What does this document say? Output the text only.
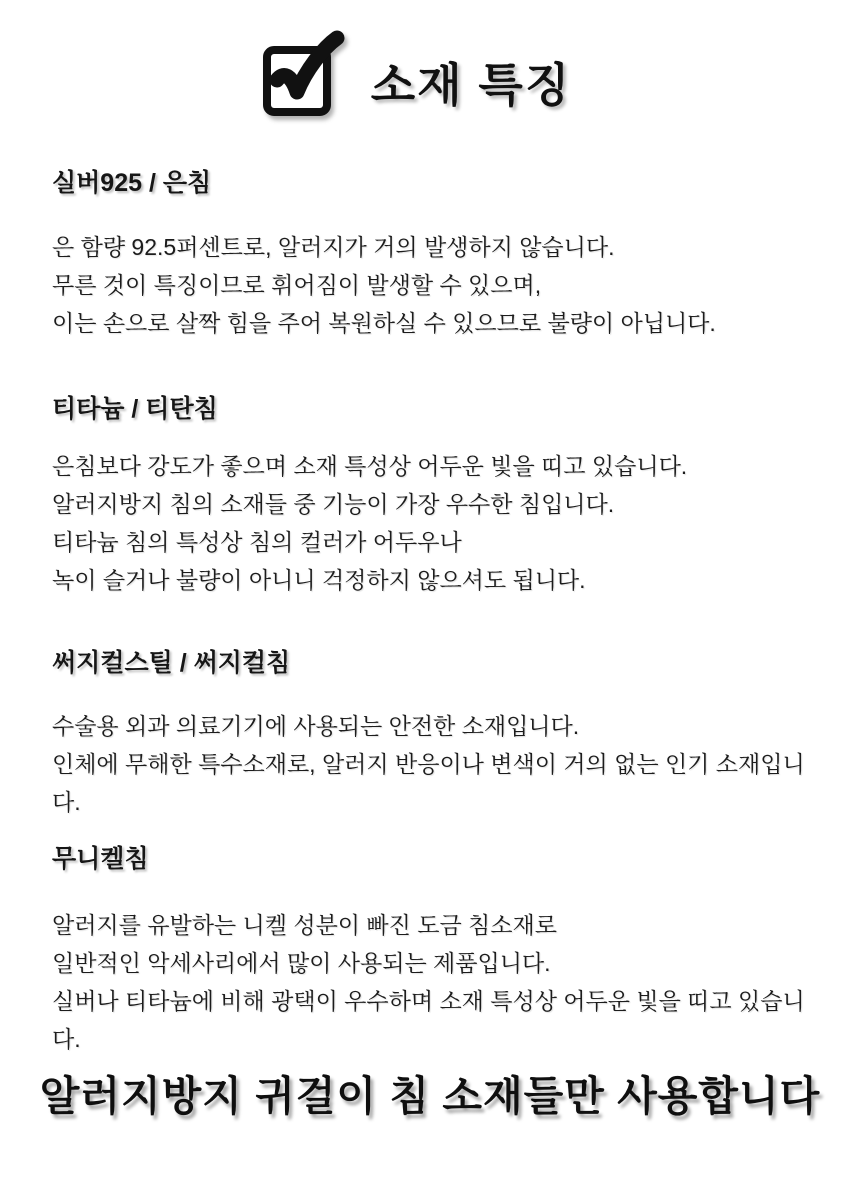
소재 특징
실버925 / 은침
은 함량 92.5퍼센트로, 알러지가 거의 발생하지 않습니다.
무른 것이 특징이므로 휘어짐이 발생할 수 있으며,
이는 손으로 살짝 힘을 주어 복원하실 수 있으므로 불량이 아닙니다.
티타늄 / 티탄침
은침보다 강도가 좋으며 소재 특성상 어두운 빛을 띠고 있습니다.
알러지방지 침의 소재들 중 기능이 가장 우수한 침입니다.
티타늄 침의 특성상 침의 컬러가 어두우나
녹이 슬거나 불량이 아니니 걱정하지 않으셔도 됩니다.
써지컬스틸 / 써지컬침
수술용 외과 의료기기에 사용되는 안전한 소재입니다.
인체에 무해한 특수소재로, 알러지 반응이나 변색이 거의 없는 인기 소재입니다.
무니켈침
알러지를 유발하는 니켈 성분이 빠진 도금 침소재로
일반적인 악세사리에서 많이 사용되는 제품입니다.
실버나 티타늄에 비해 광택이 우수하며 소재 특성상 어두운 빛을 띠고 있습니다.
알러지방지 귀걸이 침 소재들만 사용합니다
